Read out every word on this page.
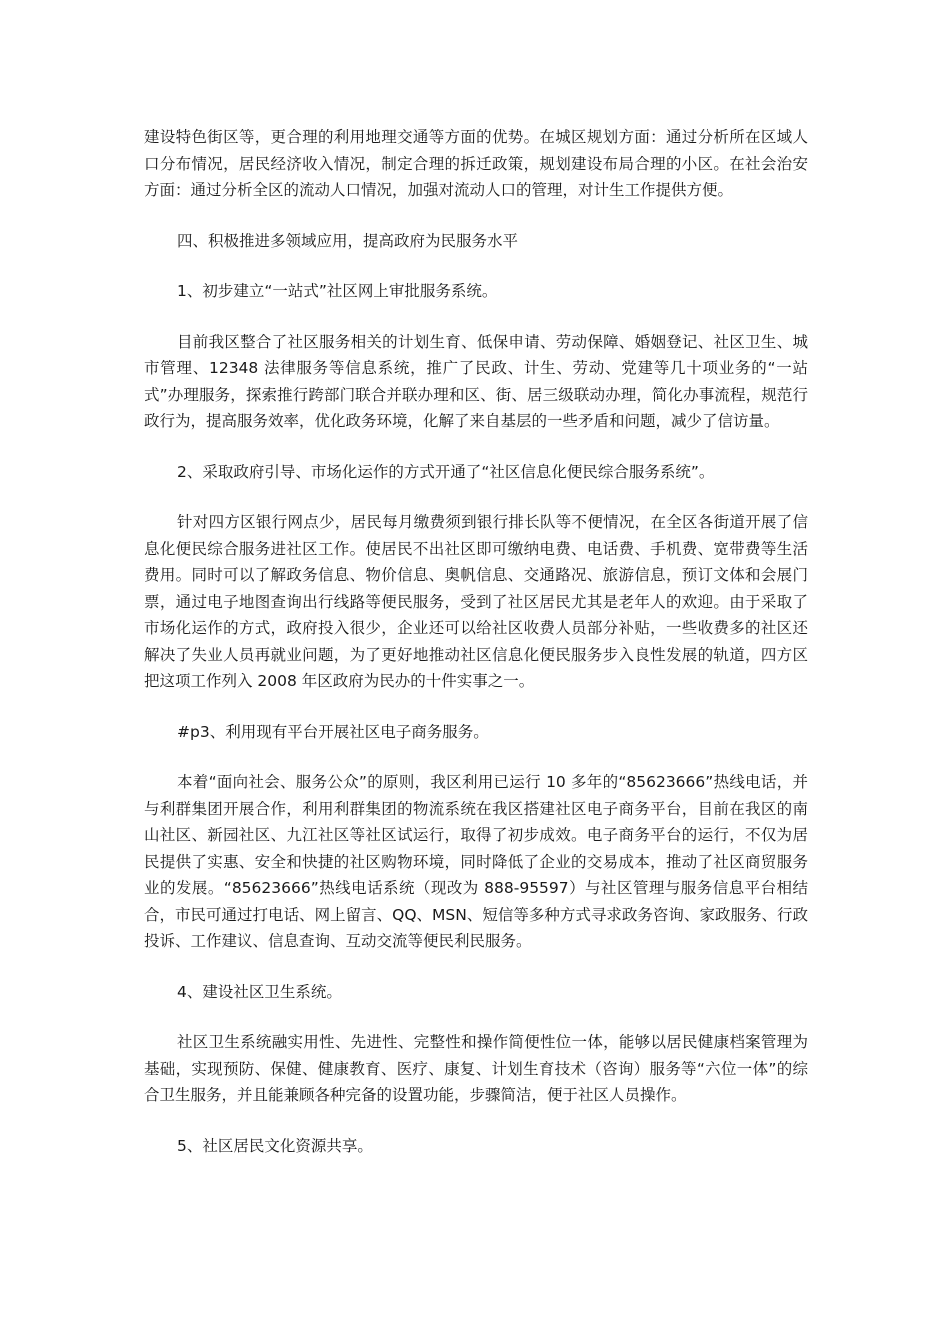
建设特色街区等，更合理的利用地理交通等方面的优势。在城区规划方面：通过分析所在区域人口分布情况，居民经济收入情况，制定合理的拆迁政策，规划建设布局合理的小区。在社会治安方面：通过分析全区的流动人口情况，加强对流动人口的管理，对计生工作提供方便。

四、积极推进多领域应用，提高政府为民服务水平

1、初步建立“一站式”社区网上审批服务系统。

目前我区整合了社区服务相关的计划生育、低保申请、劳动保障、婚姻登记、社区卫生、城市管理、12348 法律服务等信息系统，推广了民政、计生、劳动、党建等几十项业务的“一站式”办理服务，探索推行跨部门联合并联办理和区、街、居三级联动办理，简化办事流程，规范行政行为，提高服务效率，优化政务环境，化解了来自基层的一些矛盾和问题，减少了信访量。

2、采取政府引导、市场化运作的方式开通了“社区信息化便民综合服务系统”。

针对四方区银行网点少，居民每月缴费须到银行排长队等不便情况，在全区各街道开展了信息化便民综合服务进社区工作。使居民不出社区即可缴纳电费、电话费、手机费、宽带费等生活费用。同时可以了解政务信息、物价信息、奥帆信息、交通路况、旅游信息，预订文体和会展门票，通过电子地图查询出行线路等便民服务，受到了社区居民尤其是老年人的欢迎。由于采取了市场化运作的方式，政府投入很少，企业还可以给社区收费人员部分补贴，一些收费多的社区还解决了失业人员再就业问题，为了更好地推动社区信息化便民服务步入良性发展的轨道，四方区把这项工作列入 2008 年区政府为民办的十件实事之一。

#p3、利用现有平台开展社区电子商务服务。

本着“面向社会、服务公众”的原则，我区利用已运行 10 多年的“85623666”热线电话，并与利群集团开展合作，利用利群集团的物流系统在我区搭建社区电子商务平台，目前在我区的南山社区、新园社区、九江社区等社区试运行，取得了初步成效。电子商务平台的运行，不仅为居民提供了实惠、安全和快捷的社区购物环境，同时降低了企业的交易成本，推动了社区商贸服务业的发展。“85623666”热线电话系统（现改为 888-95597）与社区管理与服务信息平台相结合，市民可通过打电话、网上留言、QQ、MSN、短信等多种方式寻求政务咨询、家政服务、行政投诉、工作建议、信息查询、互动交流等便民利民服务。

4、建设社区卫生系统。

社区卫生系统融实用性、先进性、完整性和操作简便性位一体，能够以居民健康档案管理为基础，实现预防、保健、健康教育、医疗、康复、计划生育技术（咨询）服务等“六位一体”的综合卫生服务，并且能兼顾各种完备的设置功能，步骤简洁，便于社区人员操作。

5、社区居民文化资源共享。
